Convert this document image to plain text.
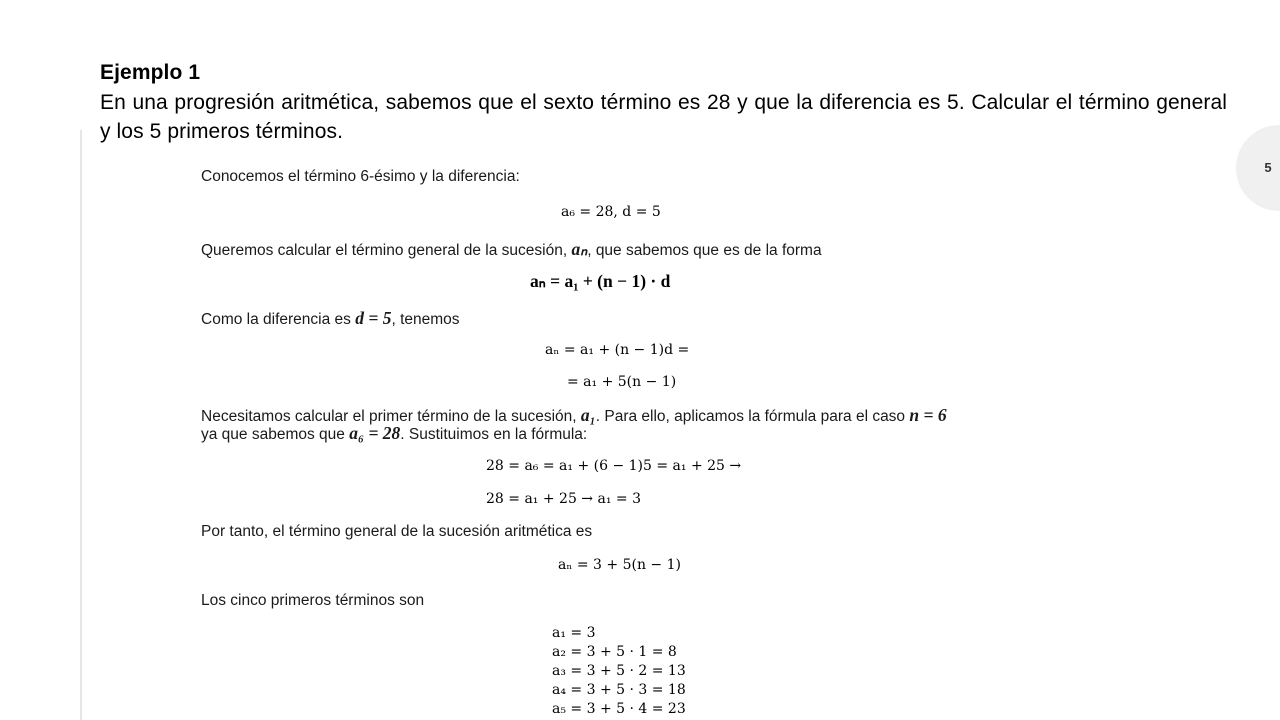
Ejemplo 1
En una progresión aritmética, sabemos que el sexto término es 28 y que la diferencia es 5. Calcular el término general y los 5 primeros términos.
5
Conocemos el término 6-ésimo y la diferencia:
a₆ = 28, d = 5
Queremos calcular el término general de la sucesión, aₙ, que sabemos que es de la forma
aₙ = a₁ + (n − 1) · d
Como la diferencia es d = 5, tenemos
aₙ = a₁ + (n − 1)d =
= a₁ + 5(n − 1)
Necesitamos calcular el primer término de la sucesión, a₁. Para ello, aplicamos la fórmula para el caso n = 6
ya que sabemos que a₆ = 28. Sustituimos en la fórmula:
28 = a₆ = a₁ + (6 − 1)5 = a₁ + 25 →
28 = a₁ + 25 → a₁ = 3
Por tanto, el término general de la sucesión aritmética es
aₙ = 3 + 5(n − 1)
Los cinco primeros términos son
a₁ = 3
a₂ = 3 + 5 · 1 = 8
a₃ = 3 + 5 · 2 = 13
a₄ = 3 + 5 · 3 = 18
a₅ = 3 + 5 · 4 = 23
